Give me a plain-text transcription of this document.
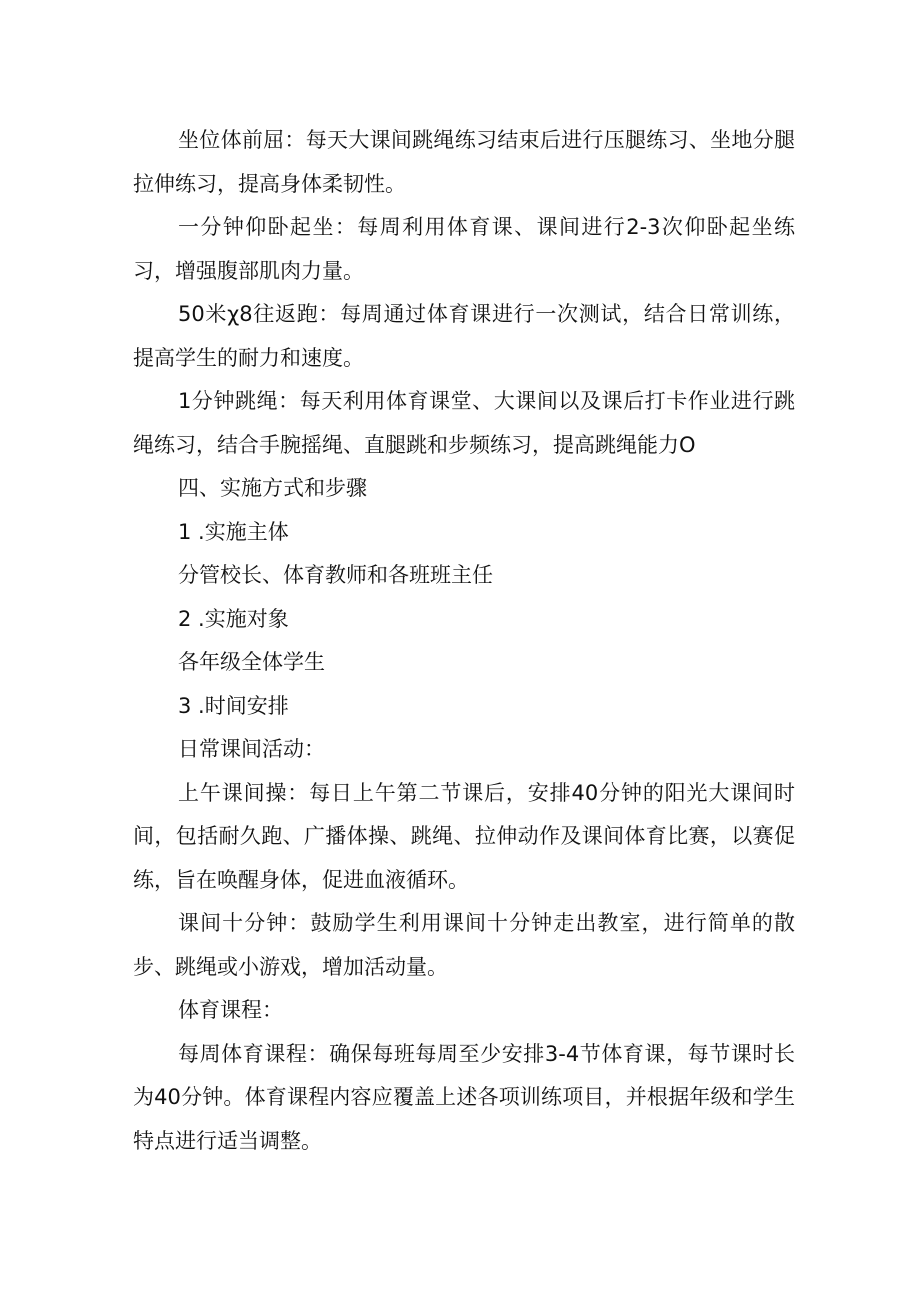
坐位体前屈：每天大课间跳绳练习结束后进行压腿练习、坐地分腿拉伸练习，提高身体柔韧性。

一分钟仰卧起坐：每周利用体育课、课间进行2-3次仰卧起坐练习，增强腹部肌肉力量。

50米χ8往返跑：每周通过体育课进行一次测试，结合日常训练，提高学生的耐力和速度。

1分钟跳绳：每天利用体育课堂、大课间以及课后打卡作业进行跳绳练习，结合手腕摇绳、直腿跳和步频练习，提高跳绳能力O

四、实施方式和步骤

1 .实施主体

分管校长、体育教师和各班班主任

2 .实施对象

各年级全体学生

3 .时间安排

日常课间活动：

上午课间操：每日上午第二节课后，安排40分钟的阳光大课间时间，包括耐久跑、广播体操、跳绳、拉伸动作及课间体育比赛，以赛促练，旨在唤醒身体，促进血液循环。

课间十分钟：鼓励学生利用课间十分钟走出教室，进行简单的散步、跳绳或小游戏，增加活动量。

体育课程：

每周体育课程：确保每班每周至少安排3-4节体育课，每节课时长为40分钟。体育课程内容应覆盖上述各项训练项目，并根据年级和学生特点进行适当调整。
